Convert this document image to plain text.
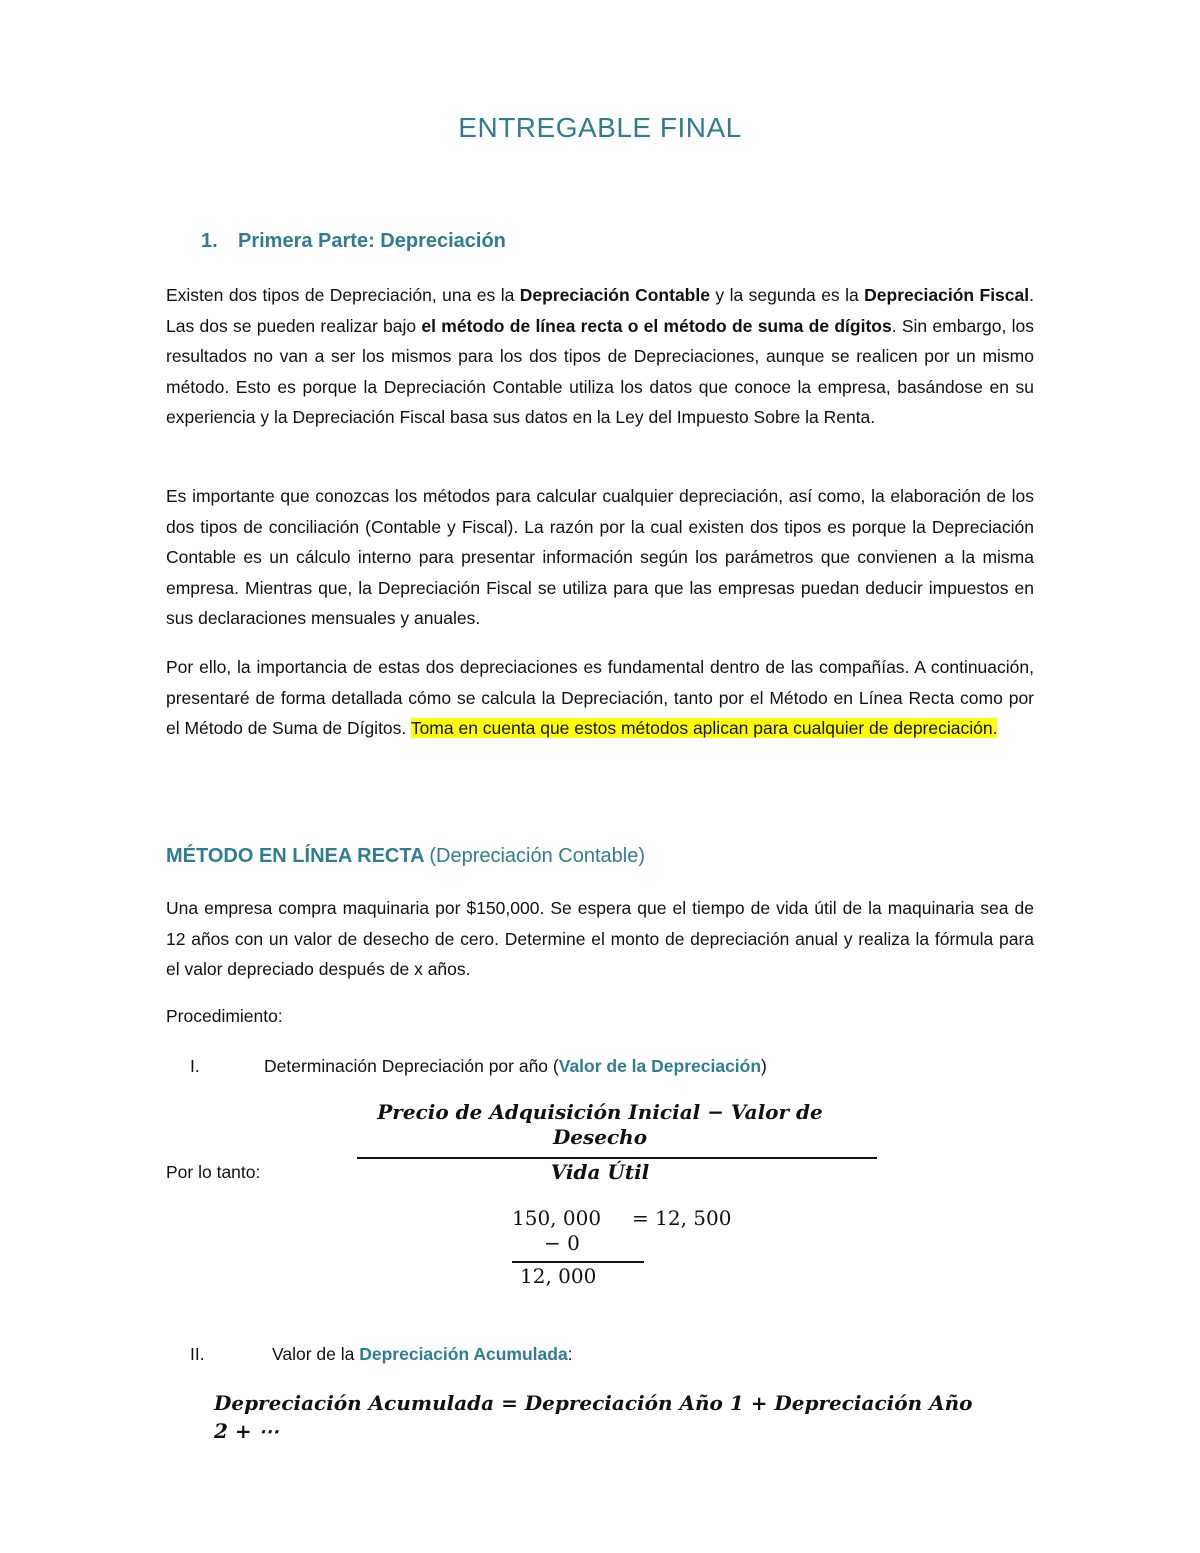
ENTREGABLE FINAL
1. Primera Parte: Depreciación
Existen dos tipos de Depreciación, una es la Depreciación Contable y la segunda es la Depreciación Fiscal. Las dos se pueden realizar bajo el método de línea recta o el método de suma de dígitos. Sin embargo, los resultados no van a ser los mismos para los dos tipos de Depreciaciones, aunque se realicen por un mismo método. Esto es porque la Depreciación Contable utiliza los datos que conoce la empresa, basándose en su experiencia y la Depreciación Fiscal basa sus datos en la Ley del Impuesto Sobre la Renta.
Es importante que conozcas los métodos para calcular cualquier depreciación, así como, la elaboración de los dos tipos de conciliación (Contable y Fiscal). La razón por la cual existen dos tipos es porque la Depreciación Contable es un cálculo interno para presentar información según los parámetros que convienen a la misma empresa. Mientras que, la Depreciación Fiscal se utiliza para que las empresas puedan deducir impuestos en sus declaraciones mensuales y anuales.
Por ello, la importancia de estas dos depreciaciones es fundamental dentro de las compañías. A continuación, presentaré de forma detallada cómo se calcula la Depreciación, tanto por el Método en Línea Recta como por el Método de Suma de Dígitos. Toma en cuenta que estos métodos aplican para cualquier de depreciación.
MÉTODO EN LÍNEA RECTA (Depreciación Contable)
Una empresa compra maquinaria por $150,000. Se espera que el tiempo de vida útil de la maquinaria sea de 12 años con un valor de desecho de cero. Determine el monto de depreciación anual y realiza la fórmula para el valor depreciado después de x años.
Procedimiento:
I.	Determinación Depreciación por año (Valor de la Depreciación)
Precio de Adquisición Inicial − Valor de
Desecho
Por lo tanto:	Vida Útil
150, 000 = 12, 500
− 0
12, 000
II.	Valor de la Depreciación Acumulada:
Depreciación Acumulada = Depreciación Año 1 + Depreciación Año
2 + ⋯
